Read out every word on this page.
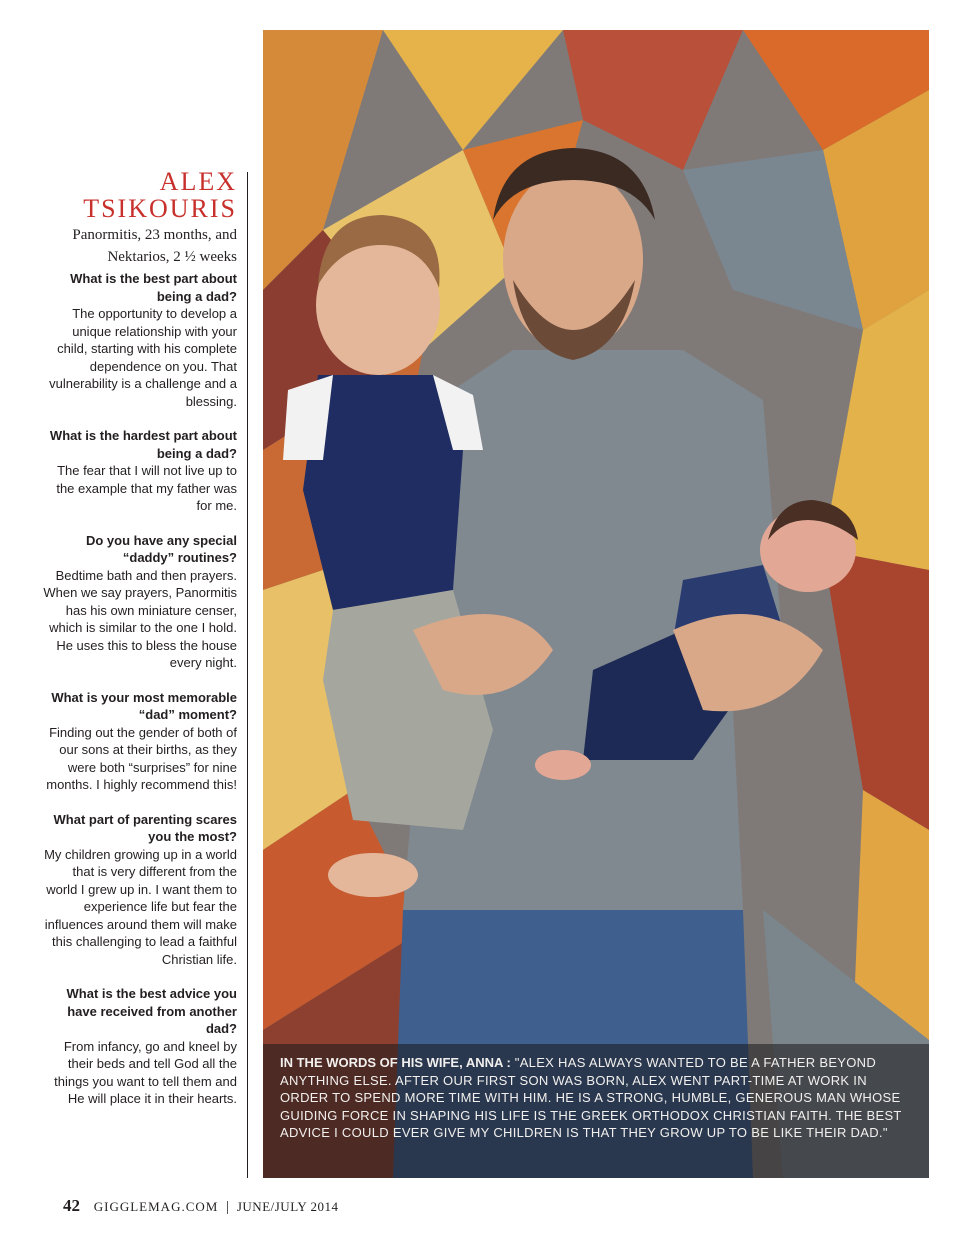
ALEX
TSIKOURIS

Panormitis, 23 months, and
Nektarios, 2 ½ weeks

What is the best part about being a dad?

The opportunity to develop a unique relationship with your child, starting with his complete dependence on you. That vulnerability is a challenge and a blessing.

What is the hardest part about being a dad?

The fear that I will not live up to the example that my father was for me.

Do you have any special “daddy” routines?

Bedtime bath and then prayers. When we say prayers, Panormitis has his own miniature censer, which is similar to the one I hold. He uses this to bless the house every night.

What is your most memorable “dad” moment?

Finding out the gender of both of our sons at their births, as they were both “surprises” for nine months. I highly recommend this!

What part of parenting scares you the most?

My children growing up in a world that is very different from the world I grew up in. I want them to experience life but fear the influences around them will make this challenging to lead a faithful Christian life.

What is the best advice you have received from another dad?

From infancy, go and kneel by their beds and tell God all the things you want to tell them and He will place it in their hearts.

IN THE WORDS OF HIS WIFE, ANNA : "ALEX HAS ALWAYS WANTED TO BE A FATHER BEYOND ANYTHING ELSE. AFTER OUR FIRST SON WAS BORN, ALEX WENT PART-TIME AT WORK IN ORDER TO SPEND MORE TIME WITH HIM. HE IS A STRONG, HUMBLE, GENEROUS MAN WHOSE GUIDING FORCE IN SHAPING HIS LIFE IS THE GREEK ORTHODOX CHRISTIAN FAITH. THE BEST ADVICE I COULD EVER GIVE MY CHILDREN IS THAT THEY GROW UP TO BE LIKE THEIR DAD."

42 GIGGLEMAG.COM | JUNE/JULY 2014
